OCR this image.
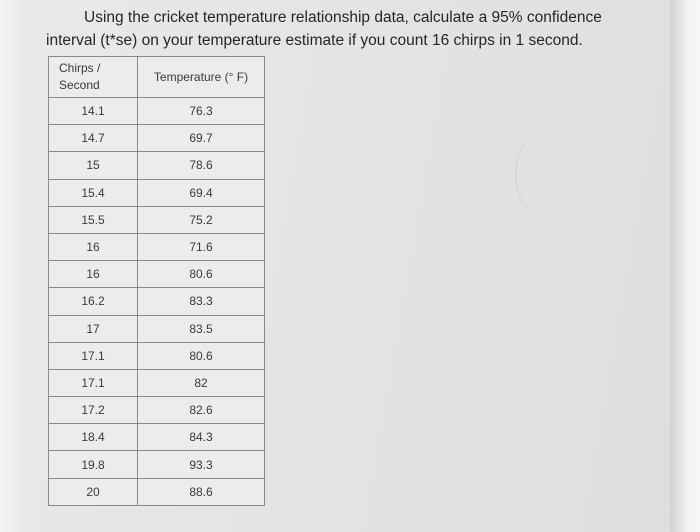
Using the cricket temperature relationship data, calculate a 95% confidence
interval (t*se) on your temperature estimate if you count 16 chirps in 1 second.
Chirps /
Second	Temperature (° F)
14.1	76.3
14.7	69.7
15	78.6
15.4	69.4
15.5	75.2
16	71.6
16	80.6
16.2	83.3
17	83.5
17.1	80.6
17.1	82
17.2	82.6
18.4	84.3
19.8	93.3
20	88.6
